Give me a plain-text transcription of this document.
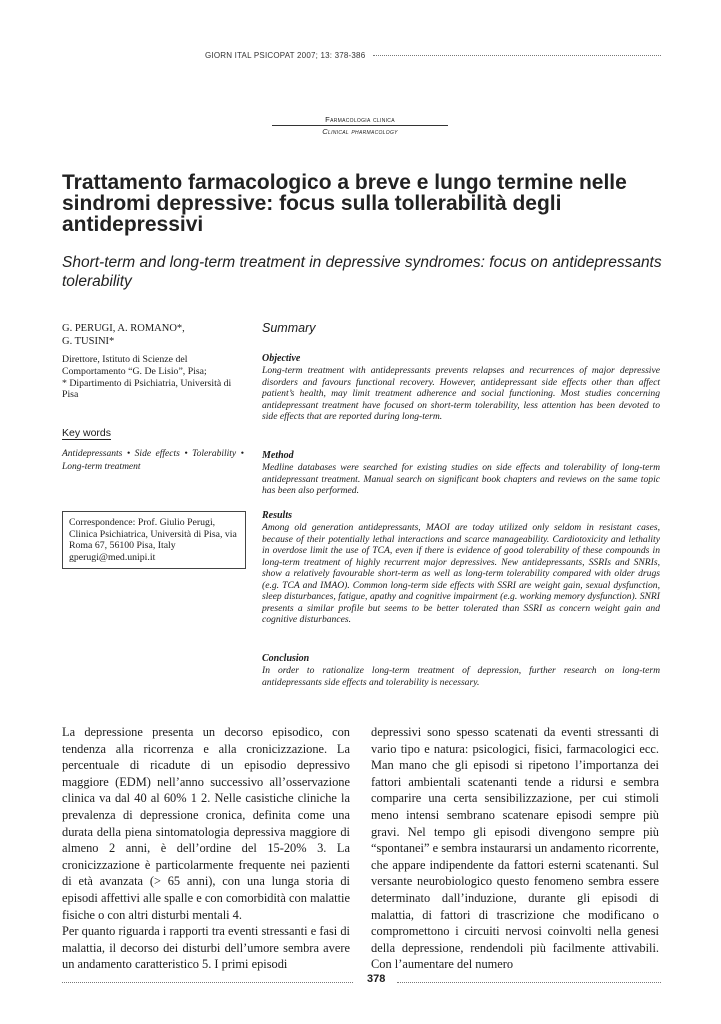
GIORN ITAL PSICOPAT 2007; 13: 378-386
Farmacologia clinica
Clinical pharmacology
Trattamento farmacologico a breve e lungo termine nelle sindromi depressive: focus sulla tollerabilità degli antidepressivi
Short-term and long-term treatment in depressive syndromes: focus on antidepressants tolerability
G. PERUGI, A. ROMANO*,
G. TUSINI*
Direttore, Istituto di Scienze del Comportamento “G. De Lisio”, Pisa;
* Dipartimento di Psichiatria, Università di Pisa
Key words
Antidepressants • Side effects • Tolerability • Long-term treatment
Correspondence: Prof. Giulio Perugi, Clinica Psichiatrica, Università di Pisa, via Roma 67, 56100 Pisa, Italy
gperugi@med.unipi.it
Summary
Objective

Long-term treatment with antidepressants prevents relapses and recurrences of major depressive disorders and favours functional recovery. However, antidepressant side effects other than affect patient’s health, may limit treatment adherence and social functioning. Most studies concerning antidepressant treatment have focused on short-term tolerability, less attention has been devoted to side effects that are reported during long-term.

Method

Medline databases were searched for existing studies on side effects and tolerability of long-term antidepressant treatment. Manual search on significant book chapters and reviews on the same topic has been also performed.

Results

Among old generation antidepressants, MAOI are today utilized only seldom in resistant cases, because of their potentially lethal interactions and scarce manageability. Cardiotoxicity and lethality in overdose limit the use of TCA, even if there is evidence of good tolerability of these compounds in long-term treatment of highly recurrent major depressives. New antidepressants, SSRIs and SNRIs, show a relatively favourable short-term as well as long-term tolerability compared with older drugs (e.g. TCA and IMAO). Common long-term side effects with SSRI are weight gain, sexual dysfunction, sleep disturbances, fatigue, apathy and cognitive impairment (e.g. working memory dysfunction). SNRI presents a similar profile but seems to be better tolerated than SSRI as concern weight gain and cognitive disturbances.

Conclusion

In order to rationalize long-term treatment of depression, further research on long-term antidepressants side effects and tolerability is necessary.

La depressione presenta un decorso episodico, con tendenza alla ricorrenza e alla cronicizzazione. La percentuale di ricadute di un episodio depressivo maggiore (EDM) nell’anno successivo all’osservazione clinica va dal 40 al 60% 1 2. Nelle casistiche cliniche la prevalenza di depressione cronica, definita come una durata della piena sintomatologia depressiva maggiore di almeno 2 anni, è dell’ordine del 15-20% 3. La cronicizzazione è particolarmente frequente nei pazienti di età avanzata (> 65 anni), con una lunga storia di episodi affettivi alle spalle e con comorbidità con malattie fisiche o con altri disturbi mentali 4.

Per quanto riguarda i rapporti tra eventi stressanti e fasi di malattia, il decorso dei disturbi dell’umore sembra avere un andamento caratteristico 5. I primi episodi

depressivi sono spesso scatenati da eventi stressanti di vario tipo e natura: psicologici, fisici, farmacologici ecc. Man mano che gli episodi si ripetono l’importanza dei fattori ambientali scatenanti tende a ridursi e sembra comparire una certa sensibilizzazione, per cui stimoli meno intensi sembrano scatenare episodi sempre più gravi. Nel tempo gli episodi divengono sempre più “spontanei” e sembra instaurarsi un andamento ricorrente, che appare indipendente da fattori esterni scatenanti. Sul versante neurobiologico questo fenomeno sembra essere determinato dall’induzione, durante gli episodi di malattia, di fattori di trascrizione che modificano o compromettono i circuiti nervosi coinvolti nella genesi della depressione, rendendoli più facilmente attivabili. Con l’aumentare del numero

378
